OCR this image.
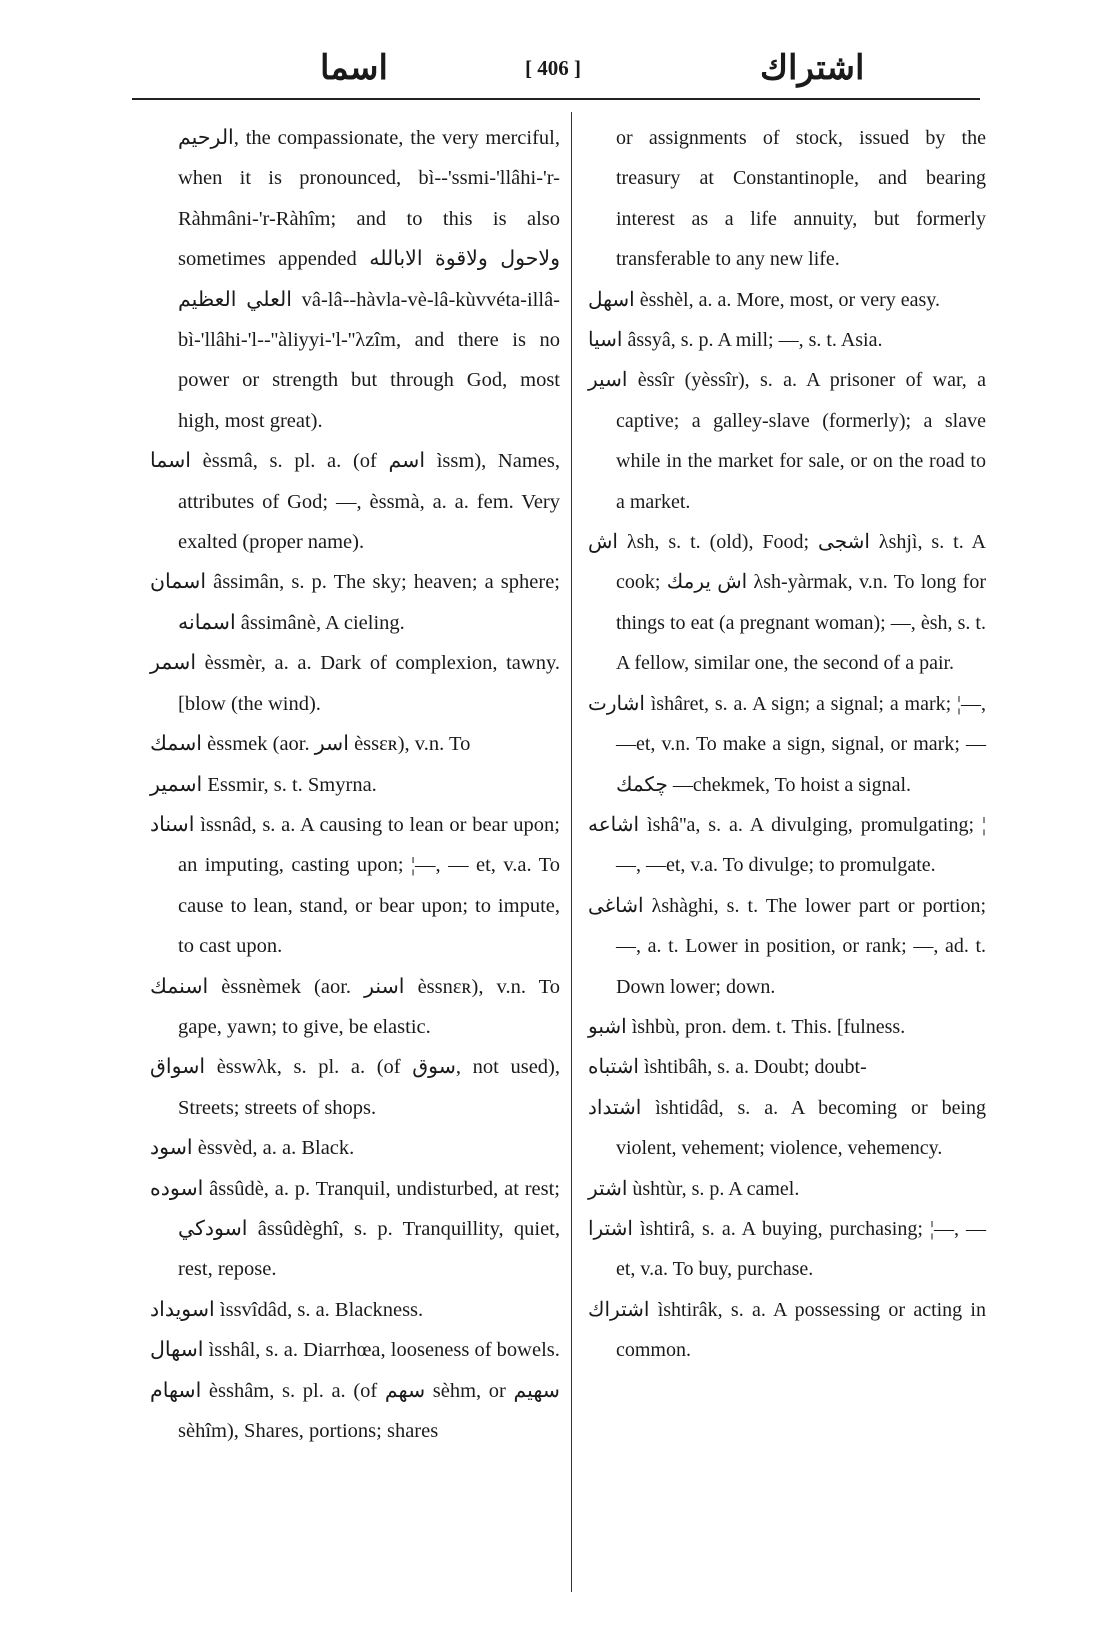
اسما	[ 406 ]	اشتراك
الرحيم, the compassionate, the very merciful, when it is pronounced, bì--'ssmi-'llâhi-'r-Ràhmâni-'r-Ràhîm; and to this is also sometimes appended ولاحول ولاقوة الابالله العلي العظيم vâ-lâ--hàvla-vè-lâ-kùvvéta-illâ-bì-'llâhi-'l--''àliyyi-'l-''λzîm, and there is no power or strength but through God, most high, most great).
اسما èssmâ, s. pl. a. (of اسم ìssm), Names, attributes of God; —, èssmà, a. a. fem. Very exalted (proper name).
اسمان âssimân, s. p. The sky; heaven; a sphere; اسمانه âssimânè, A cieling.
اسمر èssmèr, a. a. Dark of complexion, tawny. [blow (the wind).
اسمك èssmek (aor. اسر èssɛʀ), v.n. To
اسمير Essmir, s. t. Smyrna.
اسناد ìssnâd, s. a. A causing to lean or bear upon; an imputing, casting upon; ¦—, — et, v.a. To cause to lean, stand, or bear upon; to impute, to cast upon.
اسنمك èssnèmek (aor. اسنر èssnɛʀ), v.n. To gape, yawn; to give, be elastic.
اسواق èsswλk, s. pl. a. (of سوق, not used), Streets; streets of shops.
اسود èssvèd, a. a. Black.
اسوده âssûdè, a. p. Tranquil, undisturbed, at rest; اسودكي âssûdèghî, s. p. Tranquillity, quiet, rest, repose.
اسويداد ìssvîdâd, s. a. Blackness.
اسهال ìsshâl, s. a. Diarrhœa, looseness of bowels.
اسهام èsshâm, s. pl. a. (of سهم sèhm, or سهيم sèhîm), Shares, portions; shares
or assignments of stock, issued by the treasury at Constantinople, and bearing interest as a life annuity, but formerly transferable to any new life.
اسهل èsshèl, a. a. More, most, or very easy.
اسيا âssyâ, s. p. A mill; —, s. t. Asia.
اسير èssîr (yèssîr), s. a. A prisoner of war, a captive; a galley-slave (formerly); a slave while in the market for sale, or on the road to a market.
اش λsh, s. t. (old), Food; اشجى λshjì, s. t. A cook; اش يرمك λsh-yàrmak, v.n. To long for things to eat (a pregnant woman); —, èsh, s. t. A fellow, similar one, the second of a pair.
اشارت ìshâret, s. a. A sign; a signal; a mark; ¦—, —et, v.n. To make a sign, signal, or mark; —چكمك —chekmek, To hoist a signal.
اشاعه ìshâ''a, s. a. A divulging, promulgating; ¦—, —et, v.a. To divulge; to promulgate.
اشاغى λshàghi, s. t. The lower part or portion; —, a. t. Lower in position, or rank; —, ad. t. Down lower; down.
اشبو ìshbù, pron. dem. t. This. [fulness.
اشتباه ìshtibâh, s. a. Doubt; doubt-
اشتداد ìshtidâd, s. a. A becoming or being violent, vehement; violence, vehemency.
اشتر ùshtùr, s. p. A camel.
اشترا ìshtirâ, s. a. A buying, purchasing; ¦—, —et, v.a. To buy, purchase.
اشتراك ìshtirâk, s. a. A possessing or acting in common.
